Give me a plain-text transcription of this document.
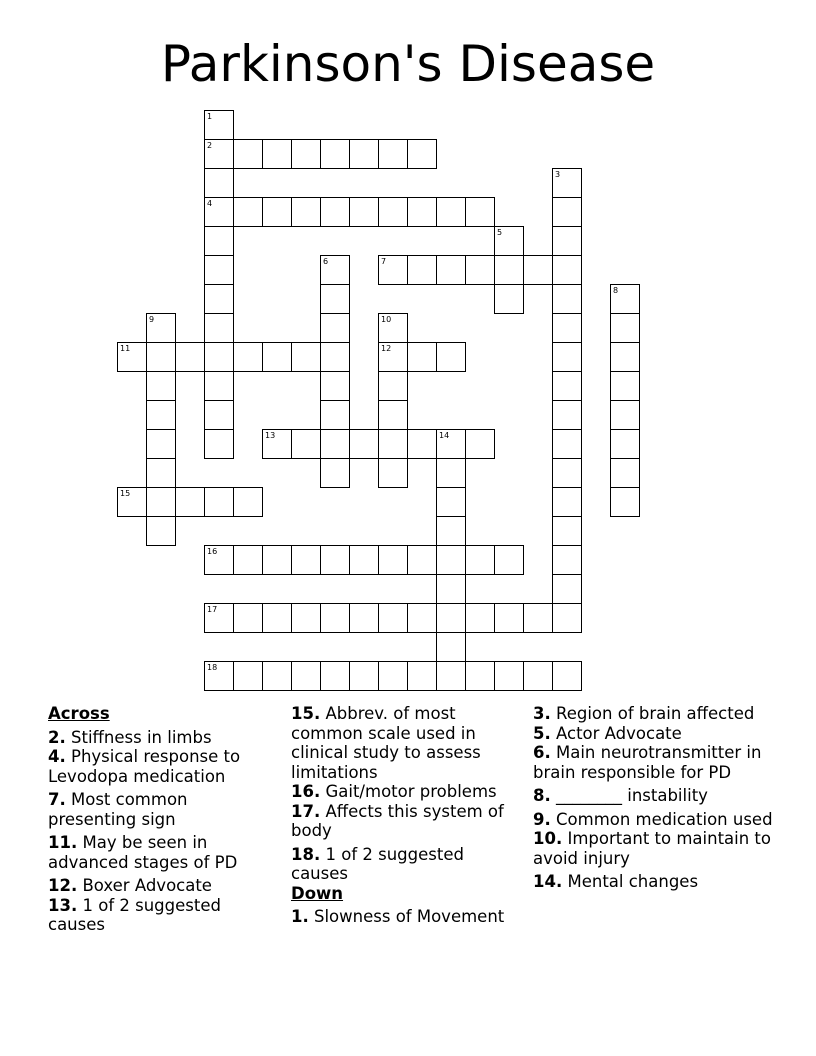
Parkinson's Disease
1
2
4
3
5
6	7
8
9	10
12
11
13	14
15
16
17
18
Across
2. Stiffness in limbs
4. Physical response to Levodopa medication
7. Most common presenting sign
11. May be seen in advanced stages of PD
12. Boxer Advocate
13. 1 of 2 suggested causes
15. Abbrev. of most common scale used in clinical study to assess limitations
16. Gait/motor problems
17. Affects this system of body
18. 1 of 2 suggested causes
Down
1. Slowness of Movement
3. Region of brain affected
5. Actor Advocate
6. Main neurotransmitter in brain responsible for PD
8. ________ instability
9. Common medication used
10. Important to maintain to avoid injury
14. Mental changes
